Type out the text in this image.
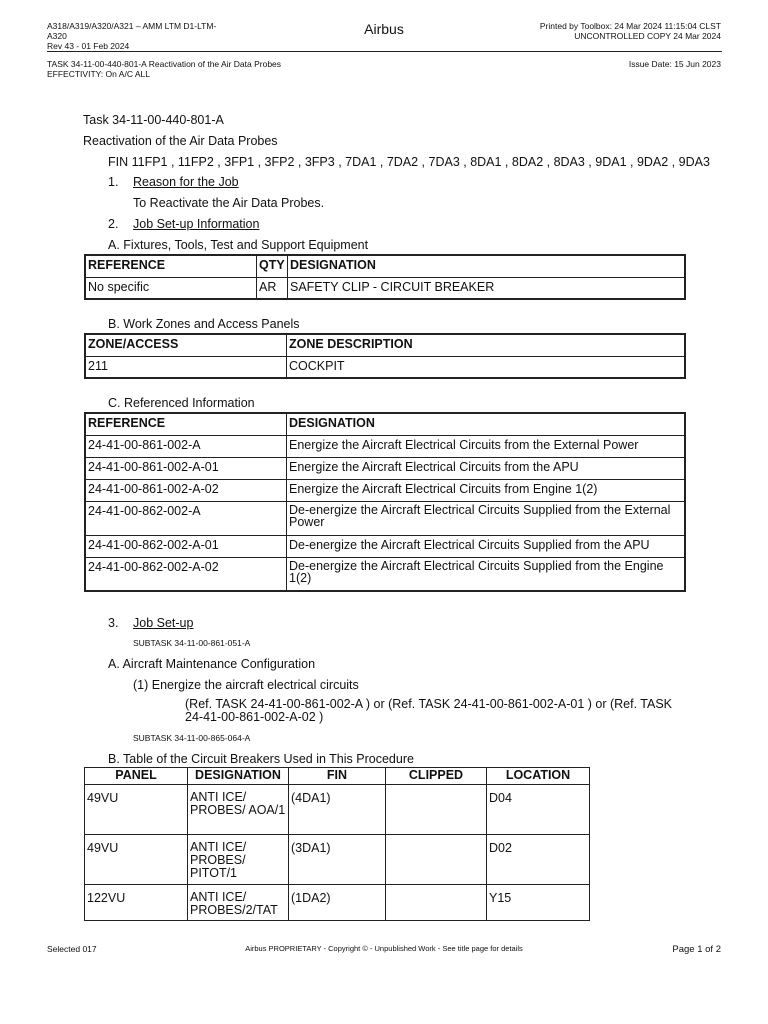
A318/A319/A320/A321 – AMM LTM D1-LTM-
A320
Rev 43 - 01 Feb 2024
Airbus	Printed by Toolbox: 24 Mar 2024 11:15:04 CLST
UNCONTROLLED COPY 24 Mar 2024
TASK 34-11-00-440-801-A Reactivation of the Air Data Probes
EFFECTIVITY: On A/C ALL
Issue Date: 15 Jun 2023
Task 34-11-00-440-801-A
Reactivation of the Air Data Probes
FIN 11FP1 , 11FP2 , 3FP1 , 3FP2 , 3FP3 , 7DA1 , 7DA2 , 7DA3 , 8DA1 , 8DA2 , 8DA3 , 9DA1 , 9DA2 , 9DA3
1. Reason for the Job
To Reactivate the Air Data Probes.
2. Job Set-up Information
A. Fixtures, Tools, Test and Support Equipment
REFERENCE	QTY	DESIGNATION
No specific	AR	SAFETY CLIP - CIRCUIT BREAKER
B. Work Zones and Access Panels
ZONE/ACCESS	ZONE DESCRIPTION
211	COCKPIT
C. Referenced Information
REFERENCE	DESIGNATION
24-41-00-861-002-A	Energize the Aircraft Electrical Circuits from the External Power
24-41-00-861-002-A-01	Energize the Aircraft Electrical Circuits from the APU
24-41-00-861-002-A-02	Energize the Aircraft Electrical Circuits from Engine 1(2)
24-41-00-862-002-A	De-energize the Aircraft Electrical Circuits Supplied from the External Power
24-41-00-862-002-A-01	De-energize the Aircraft Electrical Circuits Supplied from the APU
24-41-00-862-002-A-02	De-energize the Aircraft Electrical Circuits Supplied from the Engine 1(2)
3. Job Set-up
SUBTASK 34-11-00-861-051-A
A. Aircraft Maintenance Configuration
(1) Energize the aircraft electrical circuits
(Ref. TASK 24-41-00-861-002-A ) or (Ref. TASK 24-41-00-861-002-A-01 ) or (Ref. TASK
24-41-00-861-002-A-02 )
SUBTASK 34-11-00-865-064-A
B. Table of the Circuit Breakers Used in This Procedure
PANEL	DESIGNATION	FIN	CLIPPED	LOCATION
49VU	ANTI ICE/ PROBES/ AOA/1	(4DA1)		D04
49VU	ANTI ICE/ PROBES/ PITOT/1	(3DA1)		D02
122VU	ANTI ICE/ PROBES/2/TAT	(1DA2)		Y15
Selected 017	Airbus PROPRIETARY - Copyright © - Unpublished Work - See title page for details	Page 1 of 2
